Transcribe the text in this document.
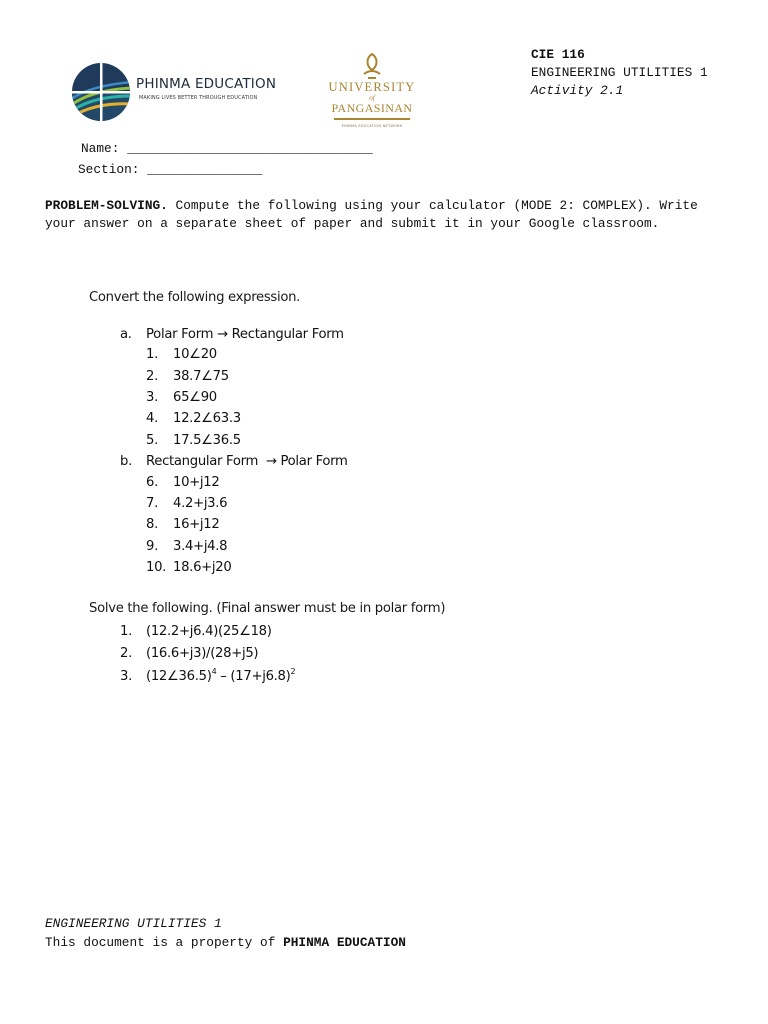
PHINMA EDUCATION
MAKING LIVES BETTER THROUGH EDUCATION
UNIVERSITY
of
PANGASINAN
PHINMA EDUCATION NETWORK
CIE 116
ENGINEERING UTILITIES 1
Activity 2.1
Name: ________________________________
Section: _______________
PROBLEM-SOLVING. Compute the following using your calculator (MODE 2: COMPLEX). Write your answer on a separate sheet of paper and submit it in your Google classroom.
Convert the following expression.
a. Polar Form → Rectangular Form
1. 10∠20
2. 38.7∠75
3. 65∠90
4. 12.2∠63.3
5. 17.5∠36.5
b. Rectangular Form  → Polar Form
6. 10+j12
7. 4.2+j3.6
8. 16+j12
9. 3.4+j4.8
10. 18.6+j20
Solve the following. (Final answer must be in polar form)
1. (12.2+j6.4)(25∠18)
2. (16.6+j3)/(28+j5)
3. (12∠36.5)$^4$ – $(17+j6.8)^2$
ENGINEERING UTILITIES 1
This document is a property of PHINMA EDUCATION
